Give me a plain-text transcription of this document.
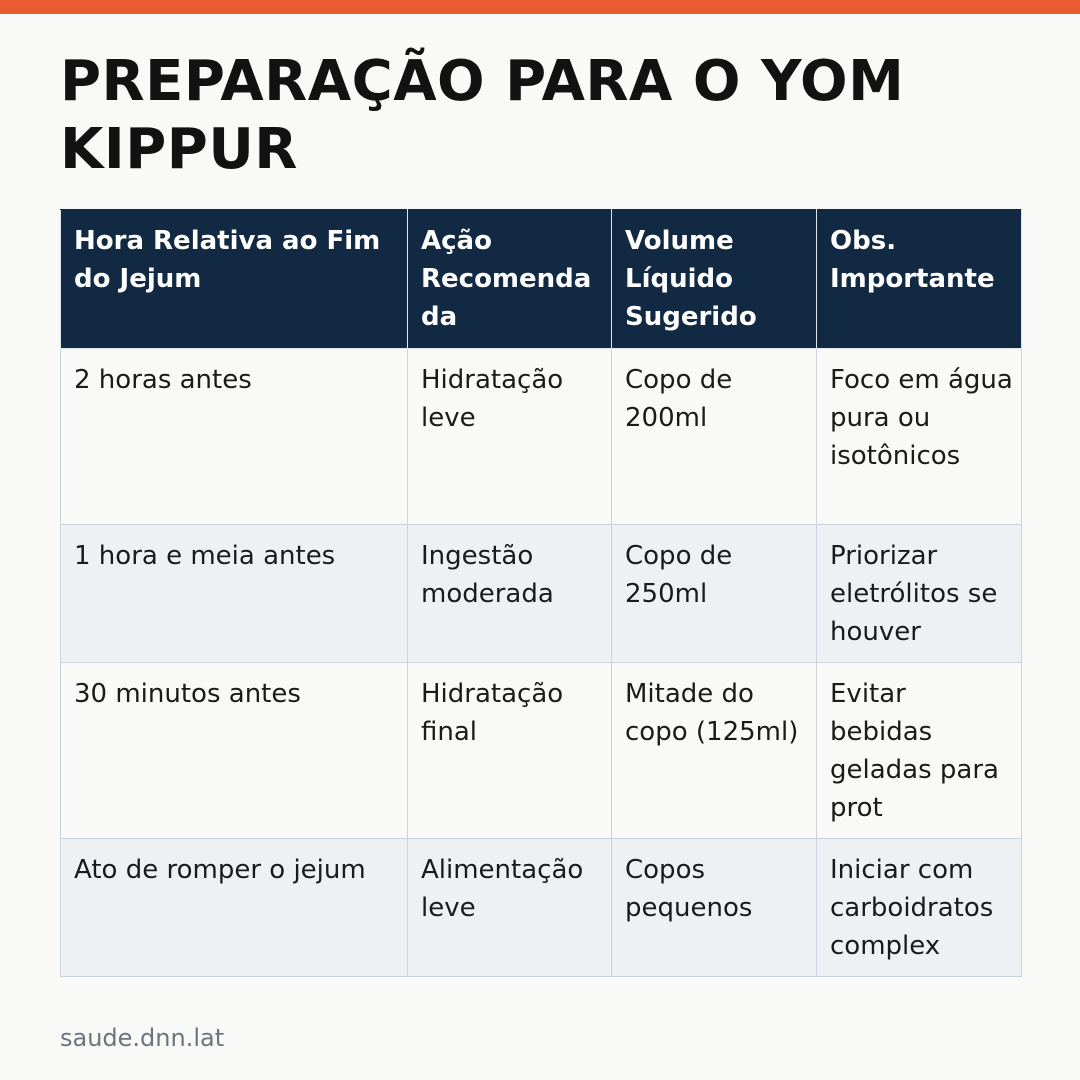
PREPARAÇÃO PARA O YOM KIPPUR
Hora Relativa ao Fim do Jejum	Ação Recomendada	Volume Líquido Sugerido	Obs. Importante
2 horas antes	Hidratação leve	Copo de 200ml	Foco em água pura ou isotônicos
1 hora e meia antes	Ingestão moderada	Copo de 250ml	Priorizar eletrólitos se houver
30 minutos antes	Hidratação final	Mitade do copo (125ml)	Evitar bebidas geladas para prot
Ato de romper o jejum	Alimentação leve	Copos pequenos	Iniciar com carboidratos complex
saude.dnn.lat
